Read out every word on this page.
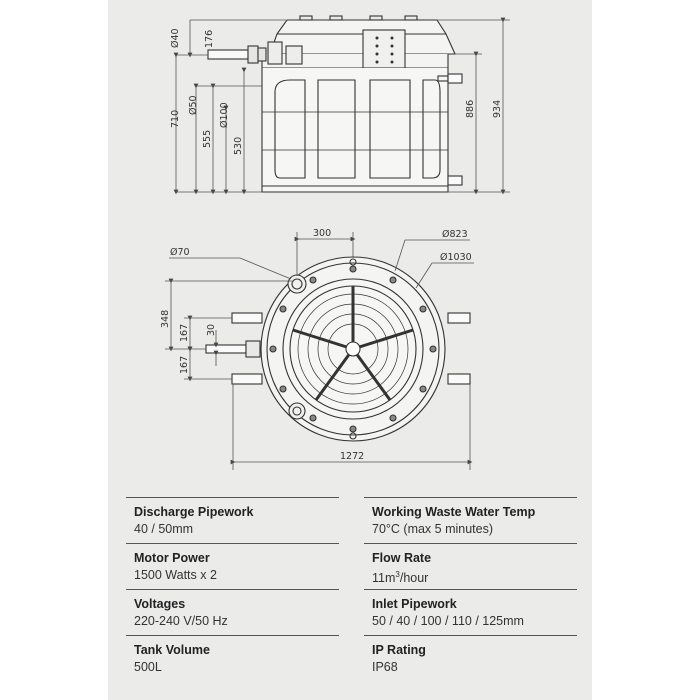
Ø40 176
710
Ø50
555
Ø100
530
886 934
300	Ø823
Ø1030
Ø70
348
167 30
167
1272
Discharge Pipework
40 / 50mm
Motor Power
1500 Watts x 2
Voltages
220-240 V/50 Hz
Tank Volume
500L
Working Waste Water Temp
70°C (max 5 minutes)
Flow Rate
$11m^3$/hour
Inlet Pipework
50 / 40 / 100 / 110 / 125mm
IP Rating
IP68
